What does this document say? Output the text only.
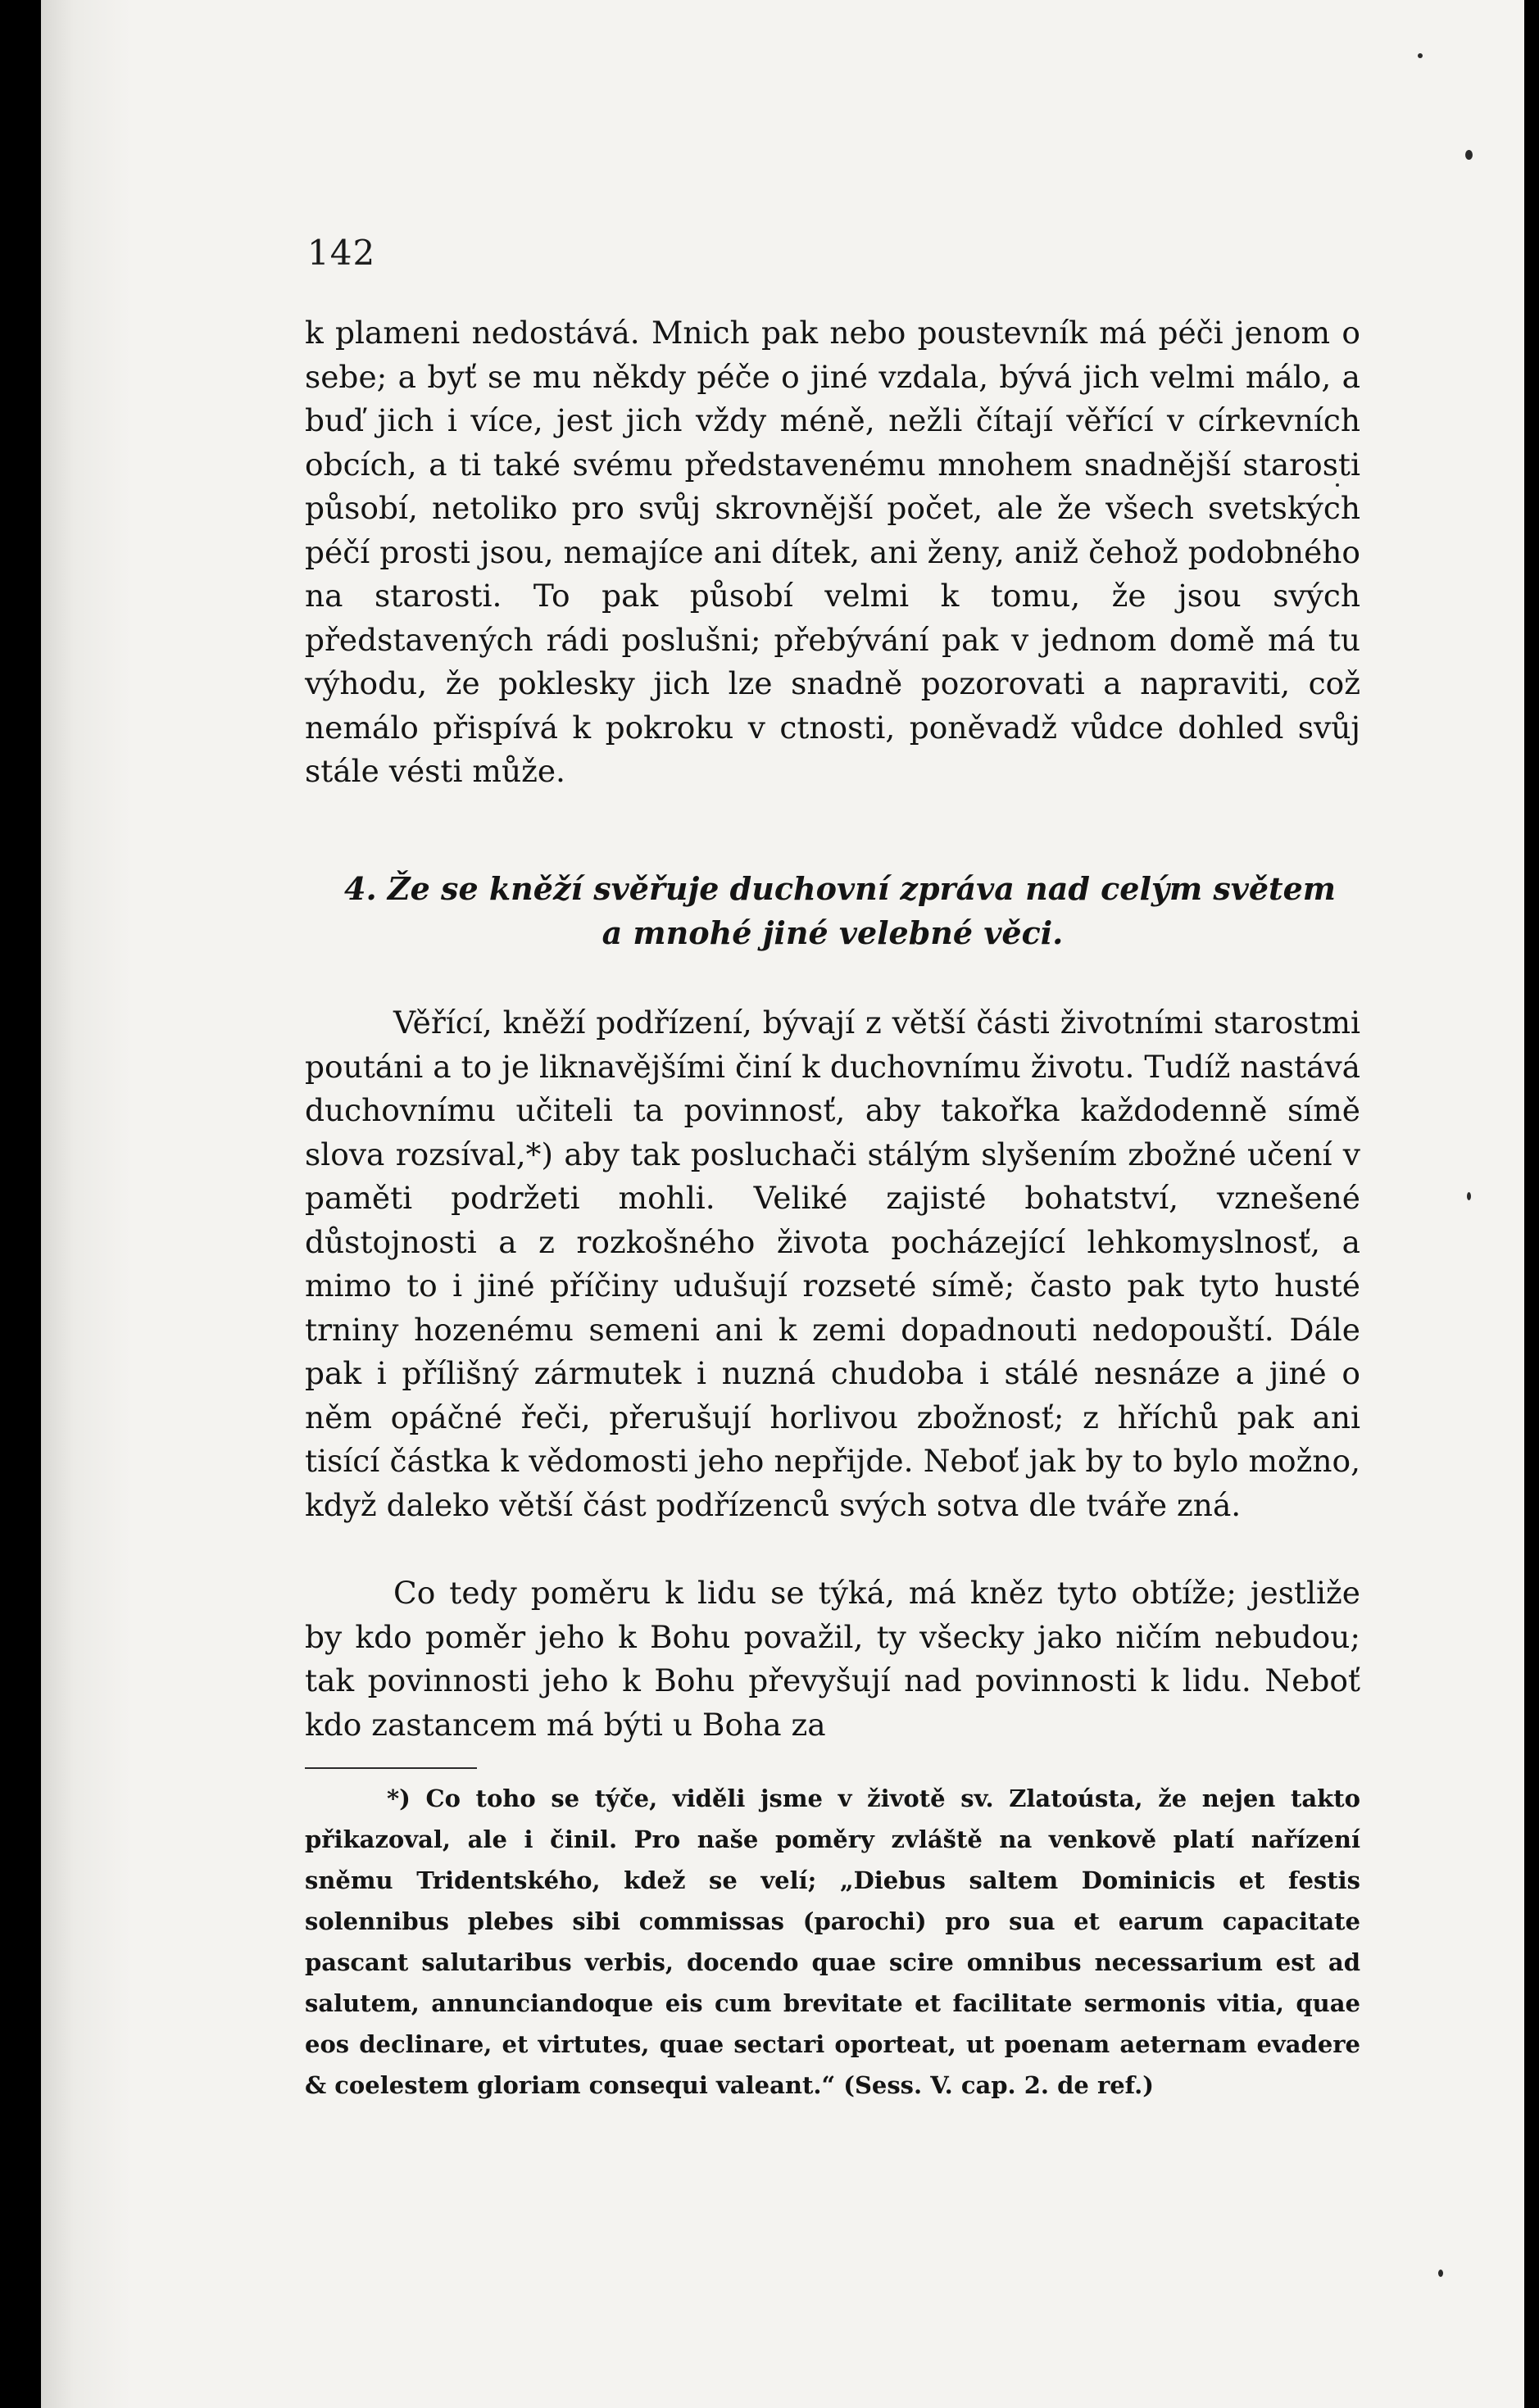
142
k plameni nedostává. Mnich pak nebo poustevník má péči jenom o sebe; a byť se mu někdy péče o jiné vzdala, bývá jich velmi málo, a buď jich i více, jest jich vždy méně, nežli čítají věřící v církevních obcích, a ti také svému představenému mnohem snadnější starosti působí, netoliko pro svůj skrovnější počet, ale že všech svetských péčí prosti jsou, nemajíce ani dítek, ani ženy, aniž čehož podobného na starosti. To pak působí velmi k tomu, že jsou svých představených rádi poslušni; přebývání pak v jednom domě má tu výhodu, že poklesky jich lze snadně pozorovati a napraviti, což nemálo přispívá k pokroku v ctnosti, poněvadž vůdce dohled svůj stále vésti může.
4. Že se kněží svěřuje duchovní zpráva nad celým světem
a mnohé jiné velebné věci.
Věřící, kněží podřízení, bývají z větší části životními starostmi poutáni a to je liknavějšími činí k duchovnímu životu. Tudíž nastává duchovnímu učiteli ta povinnosť, aby takořka každodenně símě slova rozsíval,*) aby tak posluchači stálým slyšením zbožné učení v paměti podržeti mohli. Veliké zajisté bohatství, vznešené důstojnosti a z rozkošného života pocházející lehkomyslnosť, a mimo to i jiné příčiny udušují rozseté símě; často pak tyto husté trniny hozenému semeni ani k zemi dopadnouti nedopouští. Dále pak i přílišný zármutek i nuzná chudoba i stálé nesnáze a jiné o něm opáčné řeči, přerušují horlivou zbožnosť; z hříchů pak ani tisící částka k vědomosti jeho nepřijde. Neboť jak by to bylo možno, když daleko větší část podřízenců svých sotva dle tváře zná.
Co tedy poměru k lidu se týká, má kněz tyto obtíže; jestliže by kdo poměr jeho k Bohu považil, ty všecky jako ničím nebudou; tak povinnosti jeho k Bohu převyšují nad povinnosti k lidu. Neboť kdo zastancem má býti u Boha za
*) Co toho se týče, viděli jsme v životě sv. Zlatoústa, že nejen takto přikazoval, ale i činil. Pro naše poměry zvláště na venkově platí nařízení sněmu Tridentského, kdež se velí; „Diebus saltem Dominicis et festis solennibus plebes sibi commissas (parochi) pro sua et earum capacitate pascant salutaribus verbis, docendo quae scire omnibus necessarium est ad salutem, annunciandoque eis cum brevitate et facilitate sermonis vitia, quae eos declinare, et virtutes, quae sectari oporteat, ut poenam aeternam evadere & coelestem gloriam consequi valeant.“ (Sess. V. cap. 2. de ref.)
